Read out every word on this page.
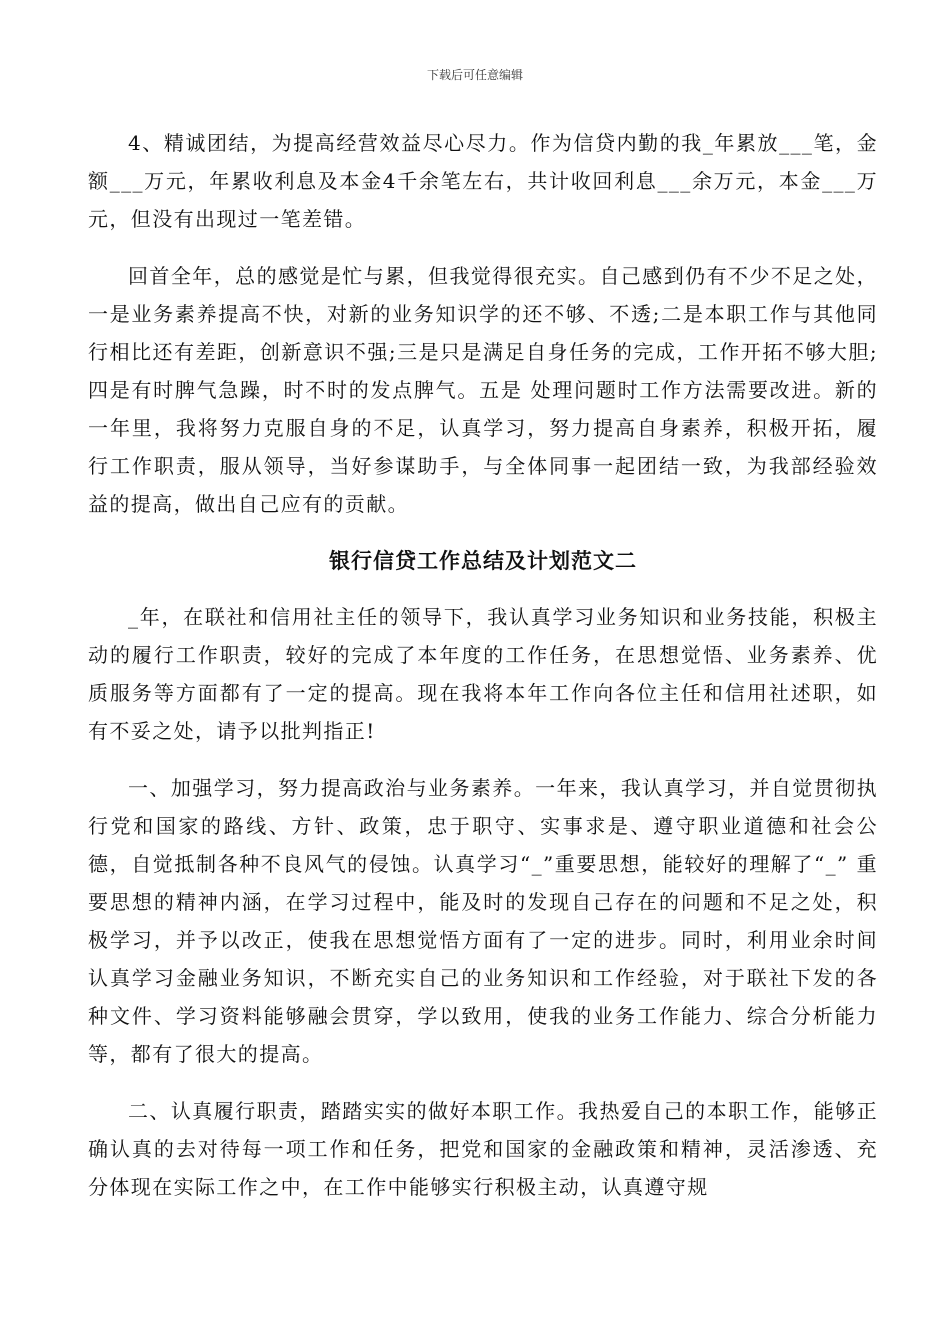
下载后可任意编辑

4、精诚团结，为提高经营效益尽心尽力。作为信贷内勤的我_年累放___笔，金额___万元，年累收利息及本金4千余笔左右，共计收回利息___余万元，本金___万元，但没有出现过一笔差错。

回首全年，总的感觉是忙与累，但我觉得很充实。自己感到仍有不少不足之处，一是业务素养提高不快，对新的业务知识学的还不够、不透;二是本职工作与其他同行相比还有差距，创新意识不强;三是只是满足自身任务的完成，工作开拓不够大胆;四是有时脾气急躁，时不时的发点脾气。五是 处理问题时工作方法需要改进。新的一年里，我将努力克服自身的不足，认真学习，努力提高自身素养，积极开拓，履行工作职责，服从领导，当好参谋助手，与全体同事一起团结一致，为我部经验效益的提高，做出自己应有的贡献。

银行信贷工作总结及计划范文二

_年，在联社和信用社主任的领导下，我认真学习业务知识和业务技能，积极主动的履行工作职责，较好的完成了本年度的工作任务，在思想觉悟、业务素养、优质服务等方面都有了一定的提高。现在我将本年工作向各位主任和信用社述职，如有不妥之处，请予以批判指正!

一、加强学习，努力提高政治与业务素养。一年来，我认真学习，并自觉贯彻执行党和国家的路线、方针、政策，忠于职守、实事求是、遵守职业道德和社会公德，自觉抵制各种不良风气的侵蚀。认真学习“_”重要思想，能较好的理解了“_” 重要思想的精神内涵，在学习过程中，能及时的发现自己存在的问题和不足之处，积极学习，并予以改正，使我在思想觉悟方面有了一定的进步。同时，利用业余时间认真学习金融业务知识，不断充实自己的业务知识和工作经验，对于联社下发的各种文件、学习资料能够融会贯穿，学以致用，使我的业务工作能力、综合分析能力等，都有了很大的提高。

二、认真履行职责，踏踏实实的做好本职工作。我热爱自己的本职工作，能够正确认真的去对待每一项工作和任务，把党和国家的金融政策和精神，灵活渗透、充分体现在实际工作之中，在工作中能够实行积极主动，认真遵守规
